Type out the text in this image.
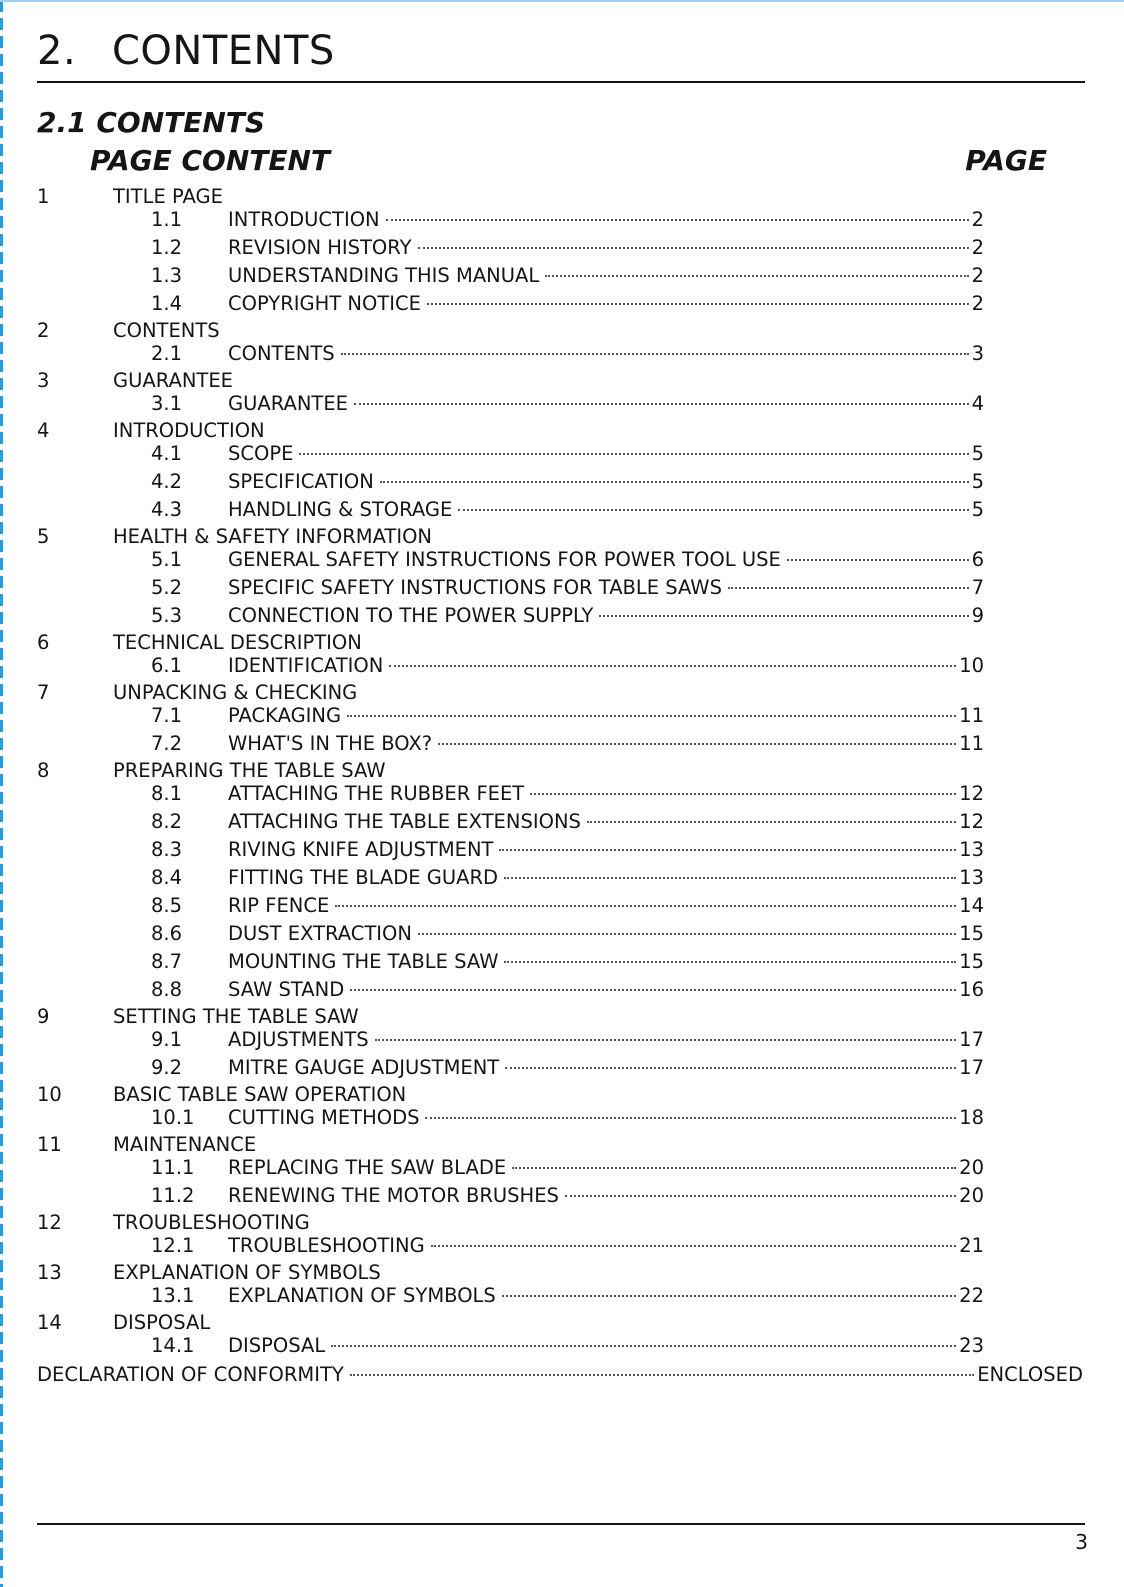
2. CONTENTS
2.1 CONTENTS
PAGE CONTENT	PAGE
1	TITLE PAGE
1.1 INTRODUCTION	2
1.2 REVISION HISTORY	2
1.3 UNDERSTANDING THIS MANUAL	2
1.4 COPYRIGHT NOTICE	2
2	CONTENTS
2.1 CONTENTS	3
3	GUARANTEE
3.1 GUARANTEE	4
4	INTRODUCTION
4.1 SCOPE	5
4.2 SPECIFICATION	5
4.3 HANDLING & STORAGE	5
5	HEALTH & SAFETY INFORMATION
5.1 GENERAL SAFETY INSTRUCTIONS FOR POWER TOOL USE	6
5.2 SPECIFIC SAFETY INSTRUCTIONS FOR TABLE SAWS	7
5.3 CONNECTION TO THE POWER SUPPLY	9
6	TECHNICAL DESCRIPTION
6.1 IDENTIFICATION	10
7	UNPACKING & CHECKING
7.1 PACKAGING	11
7.2 WHAT'S IN THE BOX?	11
8	PREPARING THE TABLE SAW
8.1 ATTACHING THE RUBBER FEET	12
8.2 ATTACHING THE TABLE EXTENSIONS	12
8.3 RIVING KNIFE ADJUSTMENT	13
8.4 FITTING THE BLADE GUARD	13
8.5 RIP FENCE	14
8.6 DUST EXTRACTION	15
8.7 MOUNTING THE TABLE SAW	15
8.8 SAW STAND	16
9	SETTING THE TABLE SAW
9.1 ADJUSTMENTS	17
9.2 MITRE GAUGE ADJUSTMENT	17
10	BASIC TABLE SAW OPERATION
10.1 CUTTING METHODS	18
11	MAINTENANCE
11.1 REPLACING THE SAW BLADE	20
11.2 RENEWING THE MOTOR BRUSHES	20
12	TROUBLESHOOTING
12.1 TROUBLESHOOTING	21
13	EXPLANATION OF SYMBOLS
13.1 EXPLANATION OF SYMBOLS	22
14	DISPOSAL
14.1 DISPOSAL	23
DECLARATION OF CONFORMITY	ENCLOSED
3
